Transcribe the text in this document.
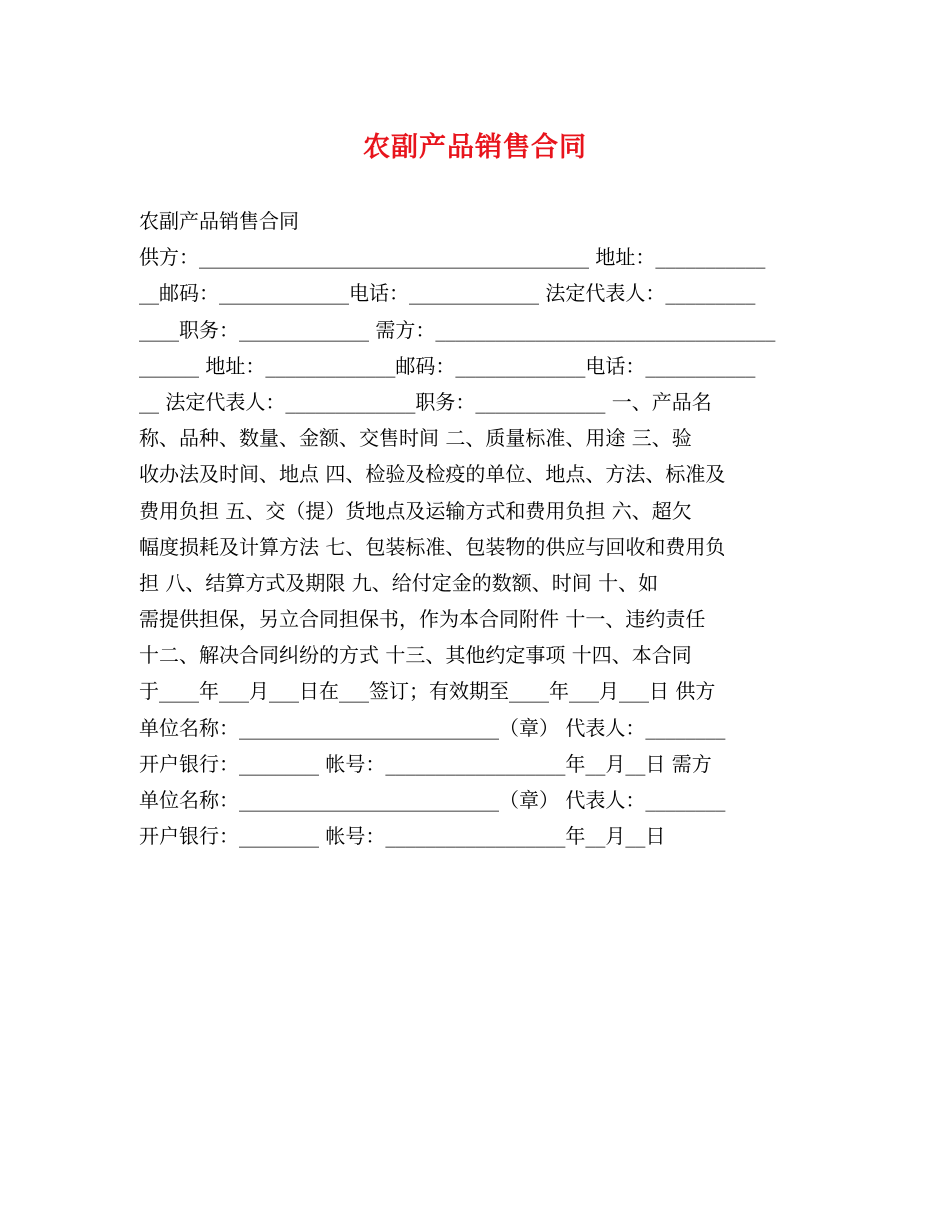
农副产品销售合同
农副产品销售合同
供方：_______________________________________ 地址：___________
__邮码：_____________电话：_____________ 法定代表人：_________
____职务：_____________ 需方：__________________________________
______ 地址：_____________邮码：_____________电话：___________
__ 法定代表人：_____________职务：_____________ 一、产品名
称、品种、数量、金额、交售时间 二、质量标准、用途 三、验
收办法及时间、地点 四、检验及检疫的单位、地点、方法、标准及
费用负担 五、交（提）货地点及运输方式和费用负担 六、超欠
幅度损耗及计算方法 七、包装标准、包装物的供应与回收和费用负
担 八、结算方式及期限 九、给付定金的数额、时间 十、如
需提供担保，另立合同担保书，作为本合同附件 十一、违约责任
十二、解决合同纠纷的方式 十三、其他约定事项 十四、本合同
于____年___月___日在___签订；有效期至____年___月___日 供方
单位名称：__________________________（章） 代表人：________
开户银行：________ 帐号：__________________年__月__日 需方
单位名称：__________________________（章） 代表人：________
开户银行：________ 帐号：__________________年__月__日
